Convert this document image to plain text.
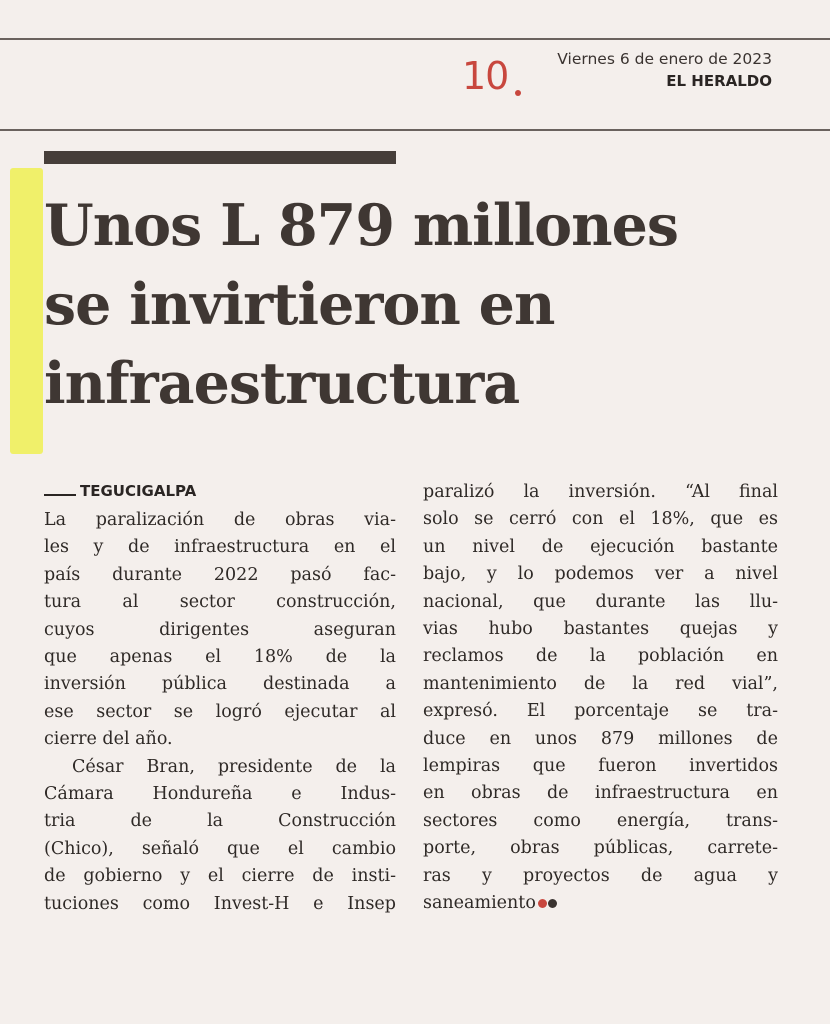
10	Viernes 6 de enero de 2023
EL HERALDO
Unos L 879 millones
se invirtieron en
infraestructura
TEGUCIGALPA
La paralización de obras via-
les y de infraestructura en el
país durante 2022 pasó fac-
tura al sector construcción,
cuyos dirigentes aseguran
que apenas el 18% de la
inversión pública destinada a
ese sector se logró ejecutar al
cierre del año.
César Bran, presidente de la
Cámara Hondureña e Indus-
tria de la Construcción
(Chico), señaló que el cambio
de gobierno y el cierre de insti-
tuciones como Invest-H e Insep
paralizó la inversión. “Al final
solo se cerró con el 18%, que es
un nivel de ejecución bastante
bajo, y lo podemos ver a nivel
nacional, que durante las llu-
vias hubo bastantes quejas y
reclamos de la población en
mantenimiento de la red vial”,
expresó. El porcentaje se tra-
duce en unos 879 millones de
lempiras que fueron invertidos
en obras de infraestructura en
sectores como energía, trans-
porte, obras públicas, carrete-
ras y proyectos de agua y
saneamiento
